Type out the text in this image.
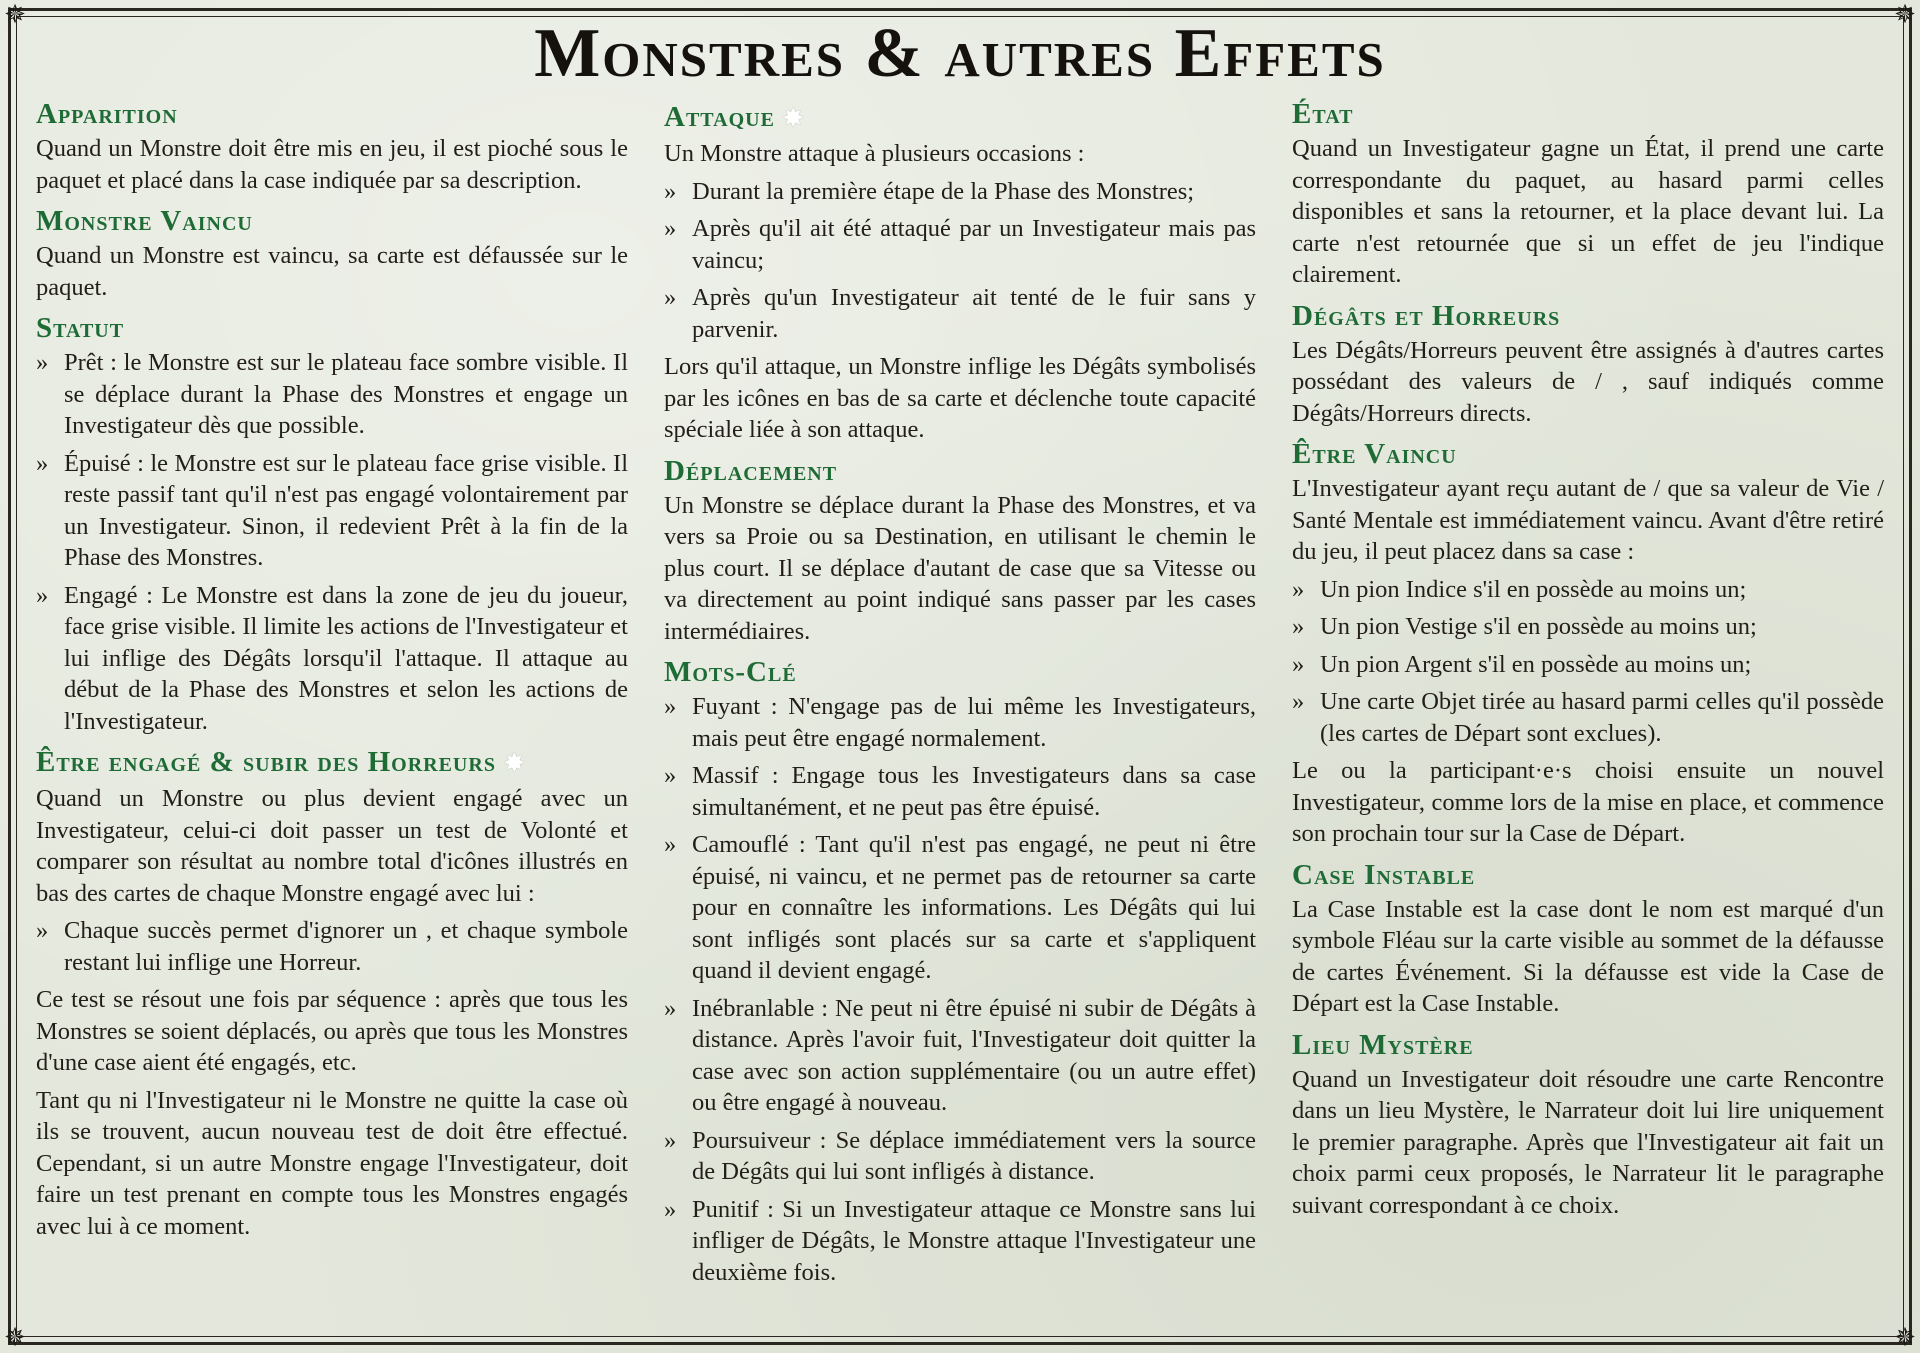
✵	✵
✵	✵
Monstres & autres Effets
Apparition

Quand un Monstre doit être mis en jeu, il est pioché sous le paquet et placé dans la case indiquée par sa description.

Monstre Vaincu

Quand un Monstre est vaincu, sa carte est défaussée sur le paquet.

Statut
» Prêt : le Monstre est sur le plateau face sombre visible. Il se déplace durant la Phase des Monstres et engage un Investigateur dès que possible.
» Épuisé : le Monstre est sur le plateau face grise visible. Il reste passif tant qu'il n'est pas engagé volontairement par un Investigateur. Sinon, il redevient Prêt à la fin de la Phase des Monstres.
» Engagé : Le Monstre est dans la zone de jeu du joueur, face grise visible. Il limite les actions de l'Investigateur et lui inflige des Dégâts lorsqu'il l'attaque. Il attaque au début de la Phase des Monstres et selon les actions de l'Investigateur.
Être engagé & subir des Horreurs ✸

Quand un Monstre ou plus devient engagé avec un Investigateur, celui-ci doit passer un test de Volonté et comparer son résultat au nombre total d'icônes illustrés en bas des cartes de chaque Monstre engagé avec lui :

» Chaque succès permet d'ignorer un , et chaque symbole restant lui inflige une Horreur.

Ce test se résout une fois par séquence : après que tous les Monstres se soient déplacés, ou après que tous les Monstres d'une case aient été engagés, etc.

Tant qu ni l'Investigateur ni le Monstre ne quitte la case où ils se trouvent, aucun nouveau test de doit être effectué. Cependant, si un autre Monstre engage l'Investigateur, doit faire un test prenant en compte tous les Monstres engagés avec lui à ce moment.

Attaque ✸

Un Monstre attaque à plusieurs occasions :

» Durant la première étape de la Phase des Monstres;
» Après qu'il ait été attaqué par un Investigateur mais pas vaincu;
» Après qu'un Investigateur ait tenté de le fuir sans y parvenir.

Lors qu'il attaque, un Monstre inflige les Dégâts symbolisés par les icônes en bas de sa carte et déclenche toute capacité spéciale liée à son attaque.

Déplacement

Un Monstre se déplace durant la Phase des Monstres, et va vers sa Proie ou sa Destination, en utilisant le chemin le plus court. Il se déplace d'autant de case que sa Vitesse ou va directement au point indiqué sans passer par les cases intermédiaires.

Mots-Clé
» Fuyant : N'engage pas de lui même les Investigateurs, mais peut être engagé normalement.
» Massif : Engage tous les Investigateurs dans sa case simultanément, et ne peut pas être épuisé.
» Camouflé : Tant qu'il n'est pas engagé, ne peut ni être épuisé, ni vaincu, et ne permet pas de retourner sa carte pour en connaître les informations. Les Dégâts qui lui sont infligés sont placés sur sa carte et s'appliquent quand il devient engagé.
» Inébranlable : Ne peut ni être épuisé ni subir de Dégâts à distance. Après l'avoir fuit, l'Investigateur doit quitter la case avec son action supplémentaire (ou un autre effet) ou être engagé à nouveau.
» Poursuiveur : Se déplace immédiatement vers la source de Dégâts qui lui sont infligés à distance.
» Punitif : Si un Investigateur attaque ce Monstre sans lui infliger de Dégâts, le Monstre attaque l'Investigateur une deuxième fois.
État

Quand un Investigateur gagne un État, il prend une carte correspondante du paquet, au hasard parmi celles disponibles et sans la retourner, et la place devant lui. La carte n'est retournée que si un effet de jeu l'indique clairement.

Dégâts et Horreurs

Les Dégâts/Horreurs peuvent être assignés à d'autres cartes possédant des valeurs de / , sauf indiqués comme Dégâts/Horreurs directs.

Être Vaincu

L'Investigateur ayant reçu autant de / que sa valeur de Vie / Santé Mentale est immédiatement vaincu. Avant d'être retiré du jeu, il peut placez dans sa case :

» Un pion Indice s'il en possède au moins un;
» Un pion Vestige s'il en possède au moins un;
» Un pion Argent s'il en possède au moins un;
» Une carte Objet tirée au hasard parmi celles qu'il possède (les cartes de Départ sont exclues).

Le ou la participant·e·s choisi ensuite un nouvel Investigateur, comme lors de la mise en place, et commence son prochain tour sur la Case de Départ.

Case Instable

La Case Instable est la case dont le nom est marqué d'un symbole Fléau sur la carte visible au sommet de la défausse de cartes Événement. Si la défausse est vide la Case de Départ est la Case Instable.

Lieu Mystère

Quand un Investigateur doit résoudre une carte Rencontre dans un lieu Mystère, le Narrateur doit lui lire uniquement le premier paragraphe. Après que l'Investigateur ait fait un choix parmi ceux proposés, le Narrateur lit le paragraphe suivant correspondant à ce choix.
